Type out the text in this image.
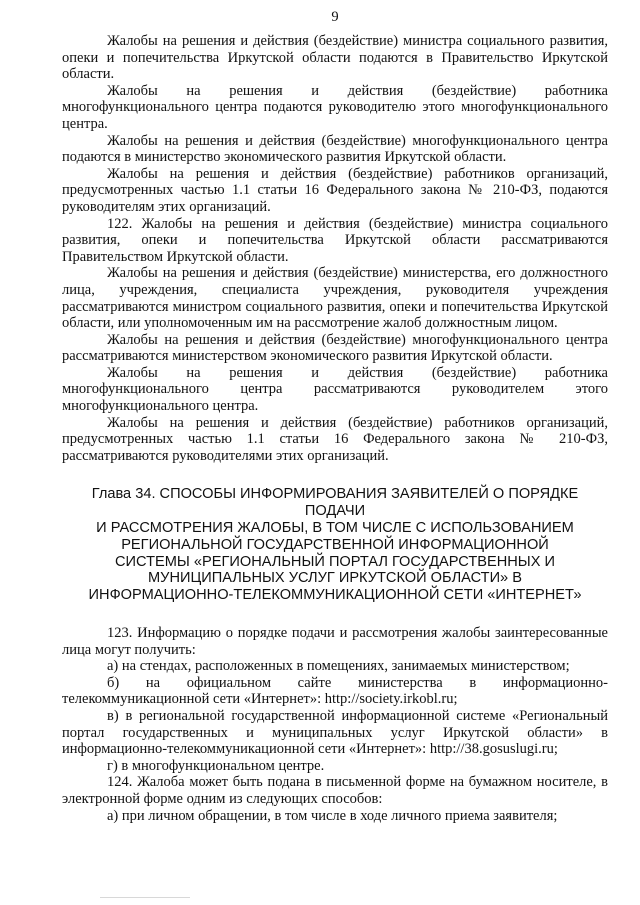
9

Жалобы на решения и действия (бездействие) министра социального развития, опеки и попечительства Иркутской области подаются в Правительство Иркутской области.

Жалобы на решения и действия (бездействие) работника многофункционального центра подаются руководителю этого многофункционального центра.

Жалобы на решения и действия (бездействие) многофункционального центра подаются в министерство экономического развития Иркутской области.

Жалобы на решения и действия (бездействие) работников организаций, предусмотренных частью 1.1 статьи 16 Федерального закона № 210-ФЗ, подаются руководителям этих организаций.

122. Жалобы на решения и действия (бездействие) министра социального развития, опеки и попечительства Иркутской области рассматриваются Правительством Иркутской области.

Жалобы на решения и действия (бездействие) министерства, его должностного лица, учреждения, специалиста учреждения, руководителя учреждения рассматриваются министром социального развития, опеки и попечительства Иркутской области, или уполномоченным им на рассмотрение жалоб должностным лицом.

Жалобы на решения и действия (бездействие) многофункционального центра рассматриваются министерством экономического развития Иркутской области.

Жалобы на решения и действия (бездействие) работника многофункционального центра рассматриваются руководителем этого многофункционального центра.

Жалобы на решения и действия (бездействие) работников организаций, предусмотренных частью 1.1 статьи 16 Федерального закона № 210-ФЗ, рассматриваются руководителями этих организаций.

Глава 34. СПОСОБЫ ИНФОРМИРОВАНИЯ ЗАЯВИТЕЛЕЙ О ПОРЯДКЕ ПОДАЧИ
И РАССМОТРЕНИЯ ЖАЛОБЫ, В ТОМ ЧИСЛЕ С ИСПОЛЬЗОВАНИЕМ
РЕГИОНАЛЬНОЙ ГОСУДАРСТВЕННОЙ ИНФОРМАЦИОННОЙ
СИСТЕМЫ «РЕГИОНАЛЬНЫЙ ПОРТАЛ ГОСУДАРСТВЕННЫХ И
МУНИЦИПАЛЬНЫХ УСЛУГ ИРКУТСКОЙ ОБЛАСТИ» В
ИНФОРМАЦИОННО-ТЕЛЕКОММУНИКАЦИОННОЙ СЕТИ «ИНТЕРНЕТ»

123. Информацию о порядке подачи и рассмотрения жалобы заинтересованные лица могут получить:

а) на стендах, расположенных в помещениях, занимаемых министерством;

б) на официальном сайте министерства в информационно-телекоммуникационной сети «Интернет»: http://society.irkobl.ru;

в) в региональной государственной информационной системе «Региональный портал государственных и муниципальных услуг Иркутской области» в информационно-телекоммуникационной сети «Интернет»: http://38.gosuslugi.ru;

г) в многофункциональном центре.

124. Жалоба может быть подана в письменной форме на бумажном носителе, в электронной форме одним из следующих способов:

а) при личном обращении, в том числе в ходе личного приема заявителя;
